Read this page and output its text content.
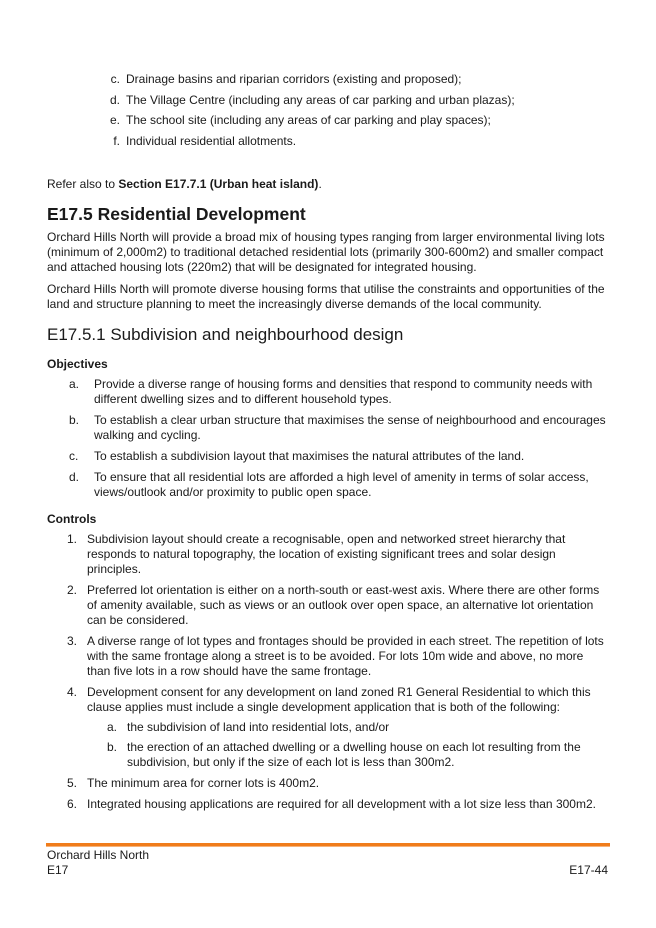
c. Drainage basins and riparian corridors (existing and proposed);
d. The Village Centre (including any areas of car parking and urban plazas);
e. The school site (including any areas of car parking and play spaces);
f. Individual residential allotments.

Refer also to Section E17.7.1 (Urban heat island).

E17.5 Residential Development

Orchard Hills North will provide a broad mix of housing types ranging from larger environmental living lots (minimum of 2,000m2) to traditional detached residential lots (primarily 300-600m2) and smaller compact and attached housing lots (220m2) that will be designated for integrated housing.

Orchard Hills North will promote diverse housing forms that utilise the constraints and opportunities of the land and structure planning to meet the increasingly diverse demands of the local community.

E17.5.1 Subdivision and neighbourhood design
Objectives
a. Provide a diverse range of housing forms and densities that respond to community needs with different dwelling sizes and to different household types.
b. To establish a clear urban structure that maximises the sense of neighbourhood and encourages walking and cycling.
c. To establish a subdivision layout that maximises the natural attributes of the land.
d. To ensure that all residential lots are afforded a high level of amenity in terms of solar access, views/outlook and/or proximity to public open space.
Controls
1. Subdivision layout should create a recognisable, open and networked street hierarchy that responds to natural topography, the location of existing significant trees and solar design principles.
2. Preferred lot orientation is either on a north-south or east-west axis. Where there are other forms of amenity available, such as views or an outlook over open space, an alternative lot orientation can be considered.
3. A diverse range of lot types and frontages should be provided in each street. The repetition of lots with the same frontage along a street is to be avoided. For lots 10m wide and above, no more than five lots in a row should have the same frontage.
4. Development consent for any development on land zoned R1 General Residential to which this clause applies must include a single development application that is both of the following:
a. the subdivision of land into residential lots, and/or
b. the erection of an attached dwelling or a dwelling house on each lot resulting from the subdivision, but only if the size of each lot is less than 300m2.
5. The minimum area for corner lots is 400m2.
6. Integrated housing applications are required for all development with a lot size less than 300m2.

Orchard Hills North

E17	E17-44
